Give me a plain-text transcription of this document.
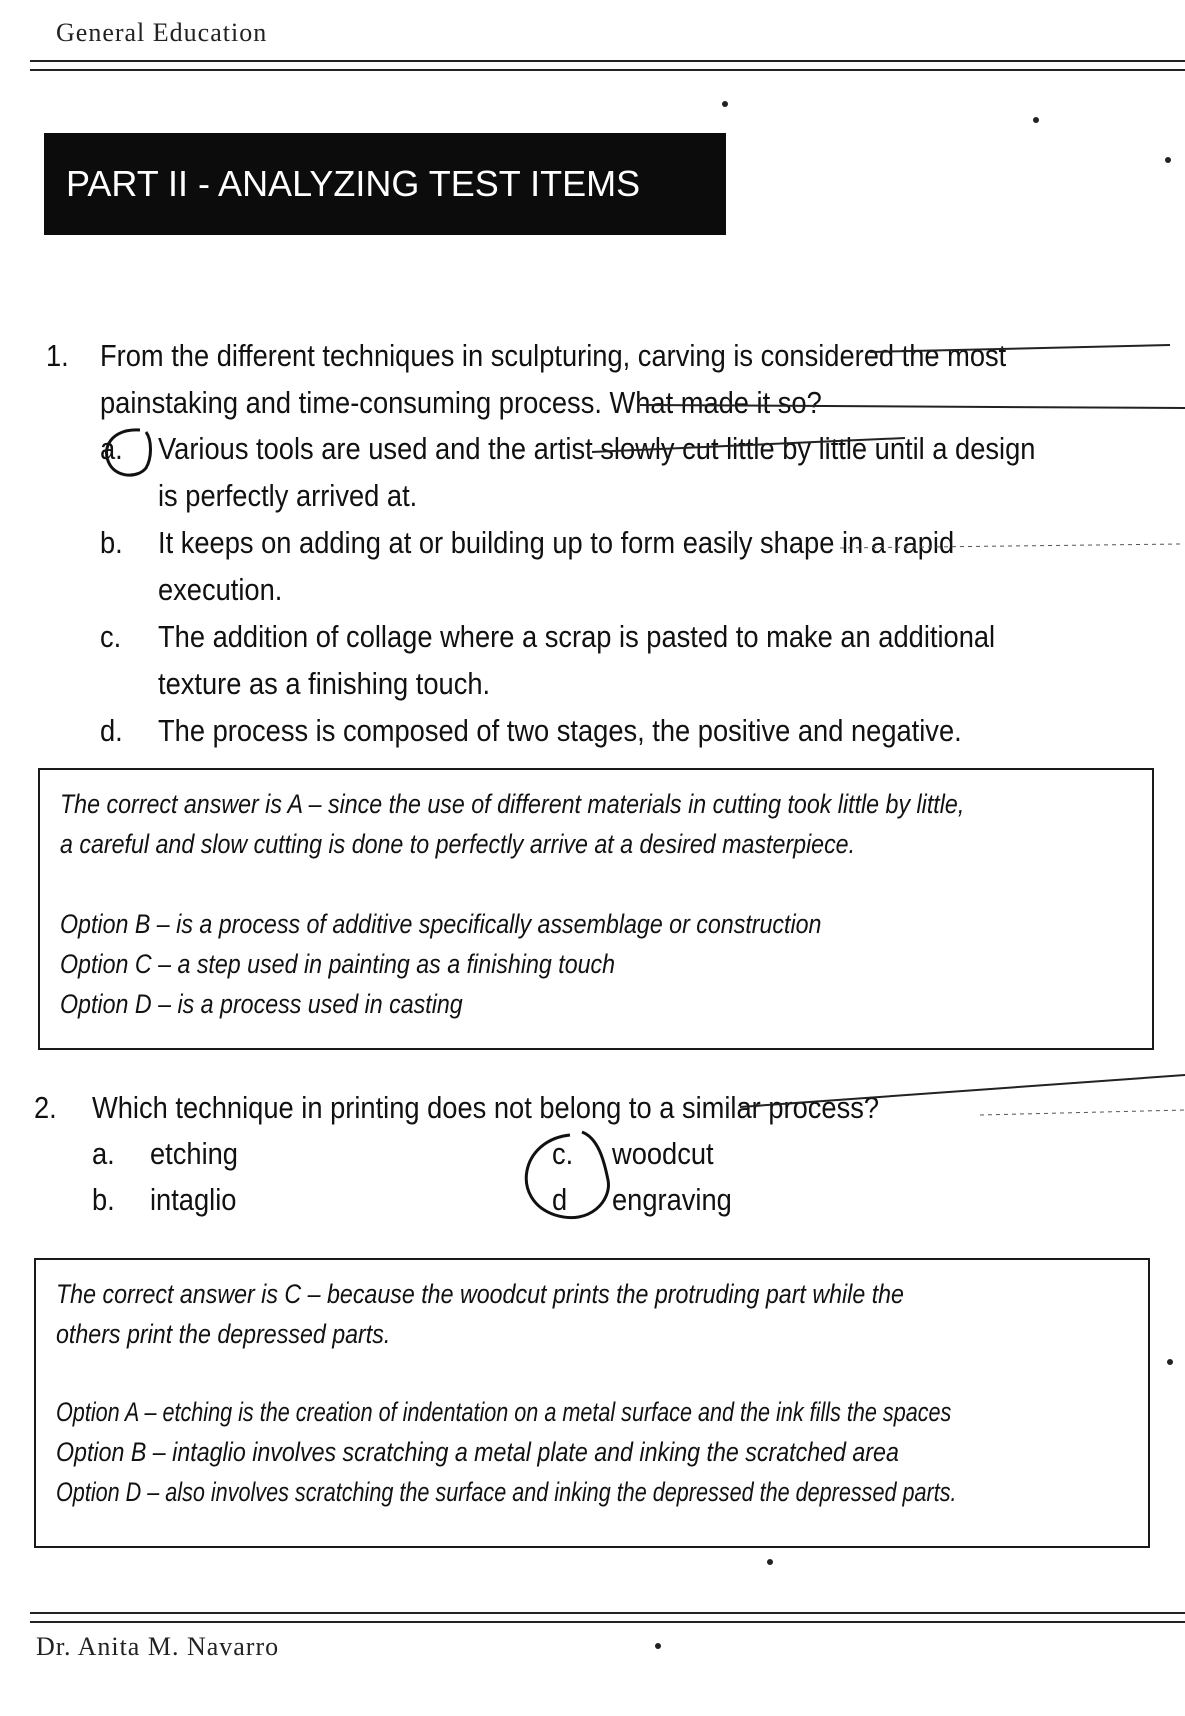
General Education
PART II - ANALYZING TEST ITEMS
1. From the different techniques in sculpturing, carving is considered the most
painstaking and time-consuming process. What made it so?
a. Various tools are used and the artist slowly cut little by little until a design
is perfectly arrived at.
b. It keeps on adding at or building up to form easily shape in a rapid
execution.
c. The addition of collage where a scrap is pasted to make an additional
texture as a finishing touch.
d. The process is composed of two stages, the positive and negative.

The correct answer is A – since the use of different materials in cutting took little by little,

a careful and slow cutting is done to perfectly arrive at a desired masterpiece.

Option B – is a process of additive specifically assemblage or construction

Option C – a step used in painting as a finishing touch

Option D – is a process used in casting

2. Which technique in printing does not belong to a similar process?
a. etching
b. intaglio
c. woodcut
d engraving

The correct answer is C – because the woodcut prints the protruding part while the

others print the depressed parts.

Option A – etching is the creation of indentation on a metal surface and the ink fills the spaces

Option B – intaglio involves scratching a metal plate and inking the scratched area

Option D – also involves scratching the surface and inking the depressed the depressed parts.

Dr. Anita M. Navarro
